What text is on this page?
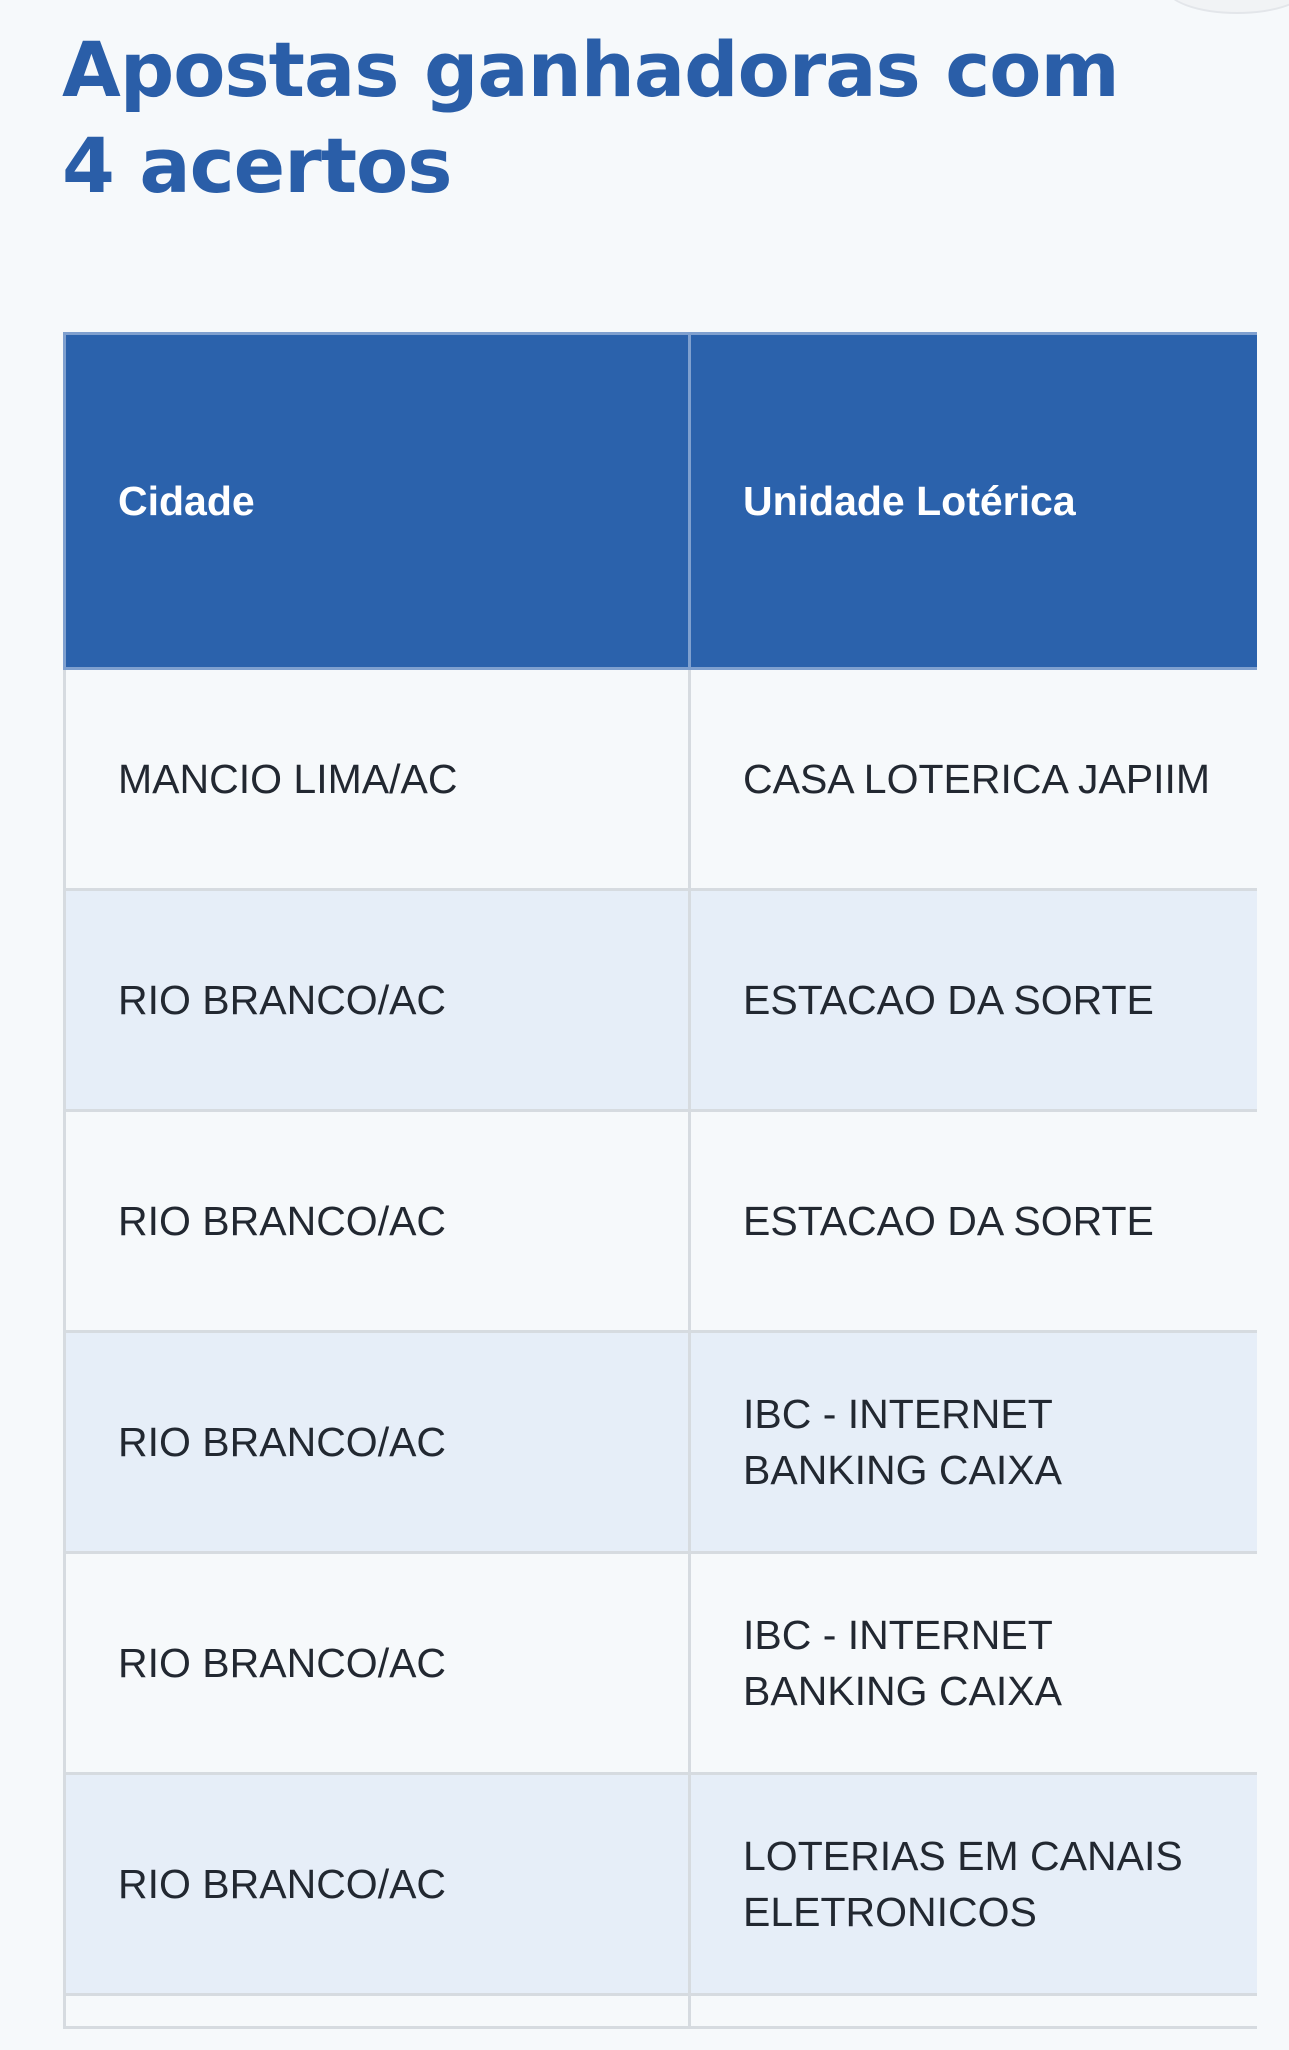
Apostas ganhadoras com 4 acertos
Cidade	Unidade Lotérica
MANCIO LIMA/AC	CASA LOTERICA JAPIIM
RIO BRANCO/AC	ESTACAO DA SORTE
RIO BRANCO/AC	ESTACAO DA SORTE
RIO BRANCO/AC	IBC - INTERNET BANKING CAIXA
RIO BRANCO/AC	IBC - INTERNET BANKING CAIXA
RIO BRANCO/AC	LOTERIAS EM CANAIS ELETRONICOS
